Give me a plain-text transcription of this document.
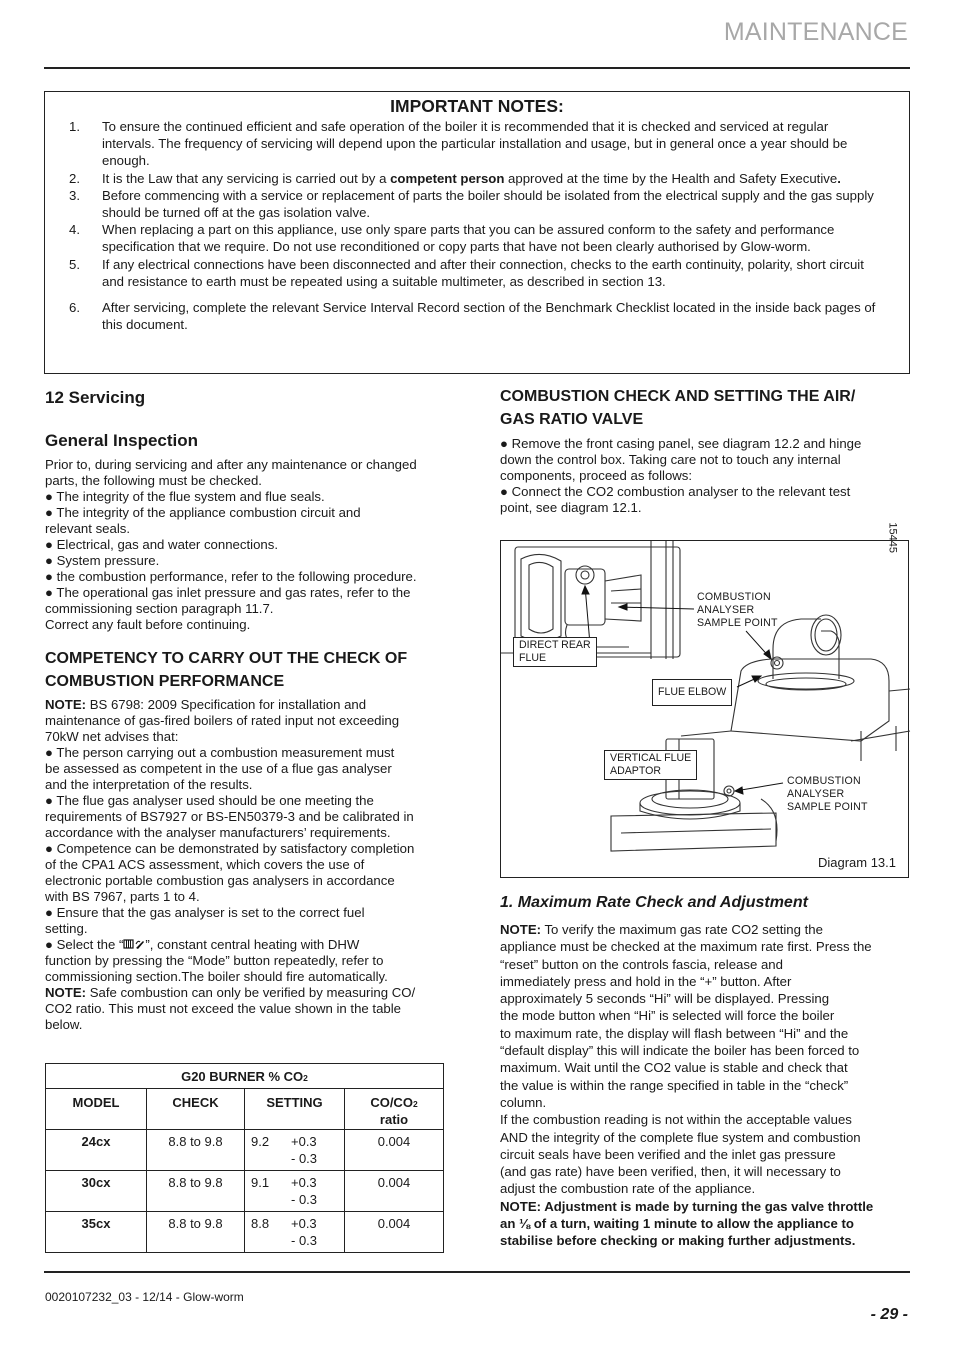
MAINTENANCE
IMPORTANT NOTES:
1.	To ensure the continued efficient and safe operation of the boiler it is recommended that it is checked and serviced at regular intervals. The frequency of servicing will depend upon the particular installation and usage, but in general once a year should be enough.
2.	It is the Law that any servicing is carried out by a competent person approved at the time by the Health and Safety Executive.
3.	Before commencing with a service or replacement of parts the boiler should be isolated from the electrical supply and the gas supply should be turned off at the gas isolation valve.
4.	When replacing a part on this appliance, use only spare parts that you can be assured conform to the safety and performance specification that we require. Do not use reconditioned or copy parts that have not been clearly authorised by Glow-worm.
5.	If any electrical connections have been disconnected and after their connection, checks to the earth continuity, polarity, short circuit and resistance to earth must be repeated using a suitable multimeter, as described in section 13.
6.	After servicing, complete the relevant Service Interval Record section of the Benchmark Checklist located in the inside back pages of this document.
12 Servicing
General Inspection
Prior to, during servicing and after any maintenance or changed
parts, the following must be checked.
● The integrity of the flue system and flue seals.
● The integrity of the appliance combustion circuit and
relevant seals.
● Electrical, gas and water connections.
● System pressure.
● the combustion performance, refer to the following procedure.
● The operational gas inlet pressure and gas rates, refer to the
commissioning section paragraph 11.7.
Correct any fault before continuing.
COMPETENCY TO CARRY OUT THE CHECK OF
COMBUSTION PERFORMANCE
NOTE: BS 6798: 2009 Specification for installation and
maintenance of gas-fired boilers of rated input not exceeding
70kW net advises that:
● The person carrying out a combustion measurement must
be assessed as competent in the use of a flue gas analyser
and the interpretation of the results.
● The flue gas analyser used should be one meeting the
requirements of BS7927 or BS-EN50379-3 and be calibrated in
accordance with the analyser manufacturers’ requirements.
● Competence can be demonstrated by satisfactory completion
of the CPA1 ACS assessment, which covers the use of
electronic portable combustion gas analysers in accordance
with BS 7967, parts 1 to 4.
● Ensure that the gas analyser is set to the correct fuel
setting.
● Select the “ ”, constant central heating with DHW
function by pressing the “Mode” button repeatedly, refer to
commissioning section.The boiler should fire automatically.
NOTE: Safe combustion can only be verified by measuring CO/
CO2 ratio. This must not exceed the value shown in the table
below.
G20 BURNER % CO2			
MODEL	CHECK	SETTING	CO/CO2
ratio
24cx	8.8 to 9.8	9.2 +0.3
- 0.3	0.004
30cx	8.8 to 9.8	9.1 +0.3
- 0.3	0.004
35cx	8.8 to 9.8	8.8 +0.3
- 0.3	0.004
COMBUSTION CHECK AND SETTING THE AIR/
GAS RATIO VALVE
● Remove the front casing panel, see diagram 12.2 and hinge
down the control box. Taking care not to touch any internal
components, proceed as follows:
● Connect the CO2 combustion analyser to the relevant test
point, see diagram 12.1.
15445
COMBUSTION
ANALYSER
SAMPLE POINT
DIRECT REAR
FLUE
FLUE ELBOW
VERTICAL FLUE
ADAPTOR
COMBUSTION
ANALYSER
SAMPLE POINT
Diagram 13.1
1. Maximum Rate Check and Adjustment
NOTE: To verify the maximum gas rate CO2 setting the
appliance must be checked at the maximum rate first. Press the
“reset” button on the controls fascia, release and
immediately press and hold in the “+” button. After
approximately 5 seconds “Hi” will be displayed. Pressing
the mode button when “Hi” is selected will force the boiler
to maximum rate, the display will flash between “Hi” and the
“default display” this will indicate the boiler has been forced to
maximum. Wait until the CO2 value is stable and check that
the value is within the range specified in table in the “check”
column.
If the combustion reading is not within the acceptable values
AND the integrity of the complete flue system and combustion
circuit seals have been verified and the inlet gas pressure
(and gas rate) have been verified, then, it will necessary to
adjust the combustion rate of the appliance.
NOTE: Adjustment is made by turning the gas valve throttle
an ⅛ of a turn, waiting 1 minute to allow the appliance to
stabilise before checking or making further adjustments.
0020107232_03 - 12/14 - Glow-worm
- 29 -
